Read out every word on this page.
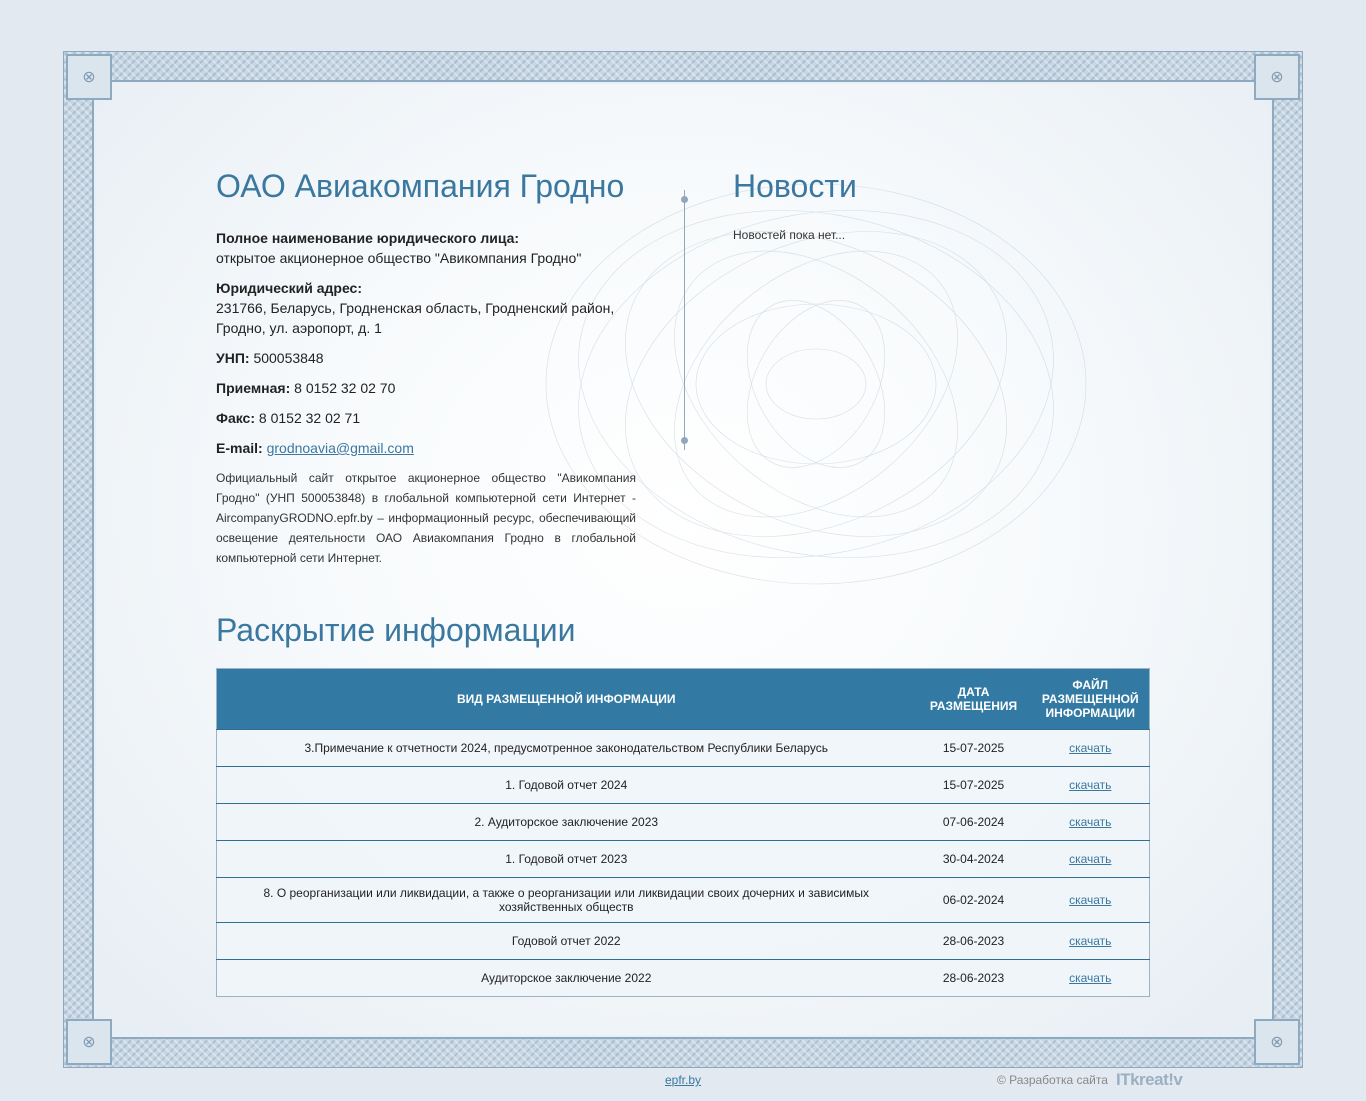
⊗	⊗
⊗	⊗
ОАО Авиакомпания Гродно
Полное наименование юридического лица:
открытое акционерное общество "Авикомпания Гродно"
Юридический адрес:
231766, Беларусь, Гродненская область, Гродненский район, Гродно, ул. аэропорт, д. 1
УНП: 500053848
Приемная: 8 0152 32 02 70
Факс: 8 0152 32 02 71
E-mail: grodnoavia@gmail.com
Официальный сайт открытое акционерное общество "Авикомпания Гродно" (УНП 500053848) в глобальной компьютерной сети Интернет - AircompanyGRODNO.epfr.by – информационный ресурс, обеспечивающий освещение деятельности ОАО Авиакомпания Гродно в глобальной компьютерной сети Интернет.
Новости
Новостей пока нет...
Раскрытие информации
ВИД РАЗМЕЩЕННОЙ ИНФОРМАЦИИ	ДАТА РАЗМЕЩЕНИЯ	ФАЙЛ РАЗМЕЩЕННОЙ ИНФОРМАЦИИ
3.Примечание к отчетности 2024, предусмотренное законодательством Республики Беларусь	15-07-2025	скачать
1. Годовой отчет 2024	15-07-2025	скачать
2. Аудиторское заключение 2023	07-06-2024	скачать
1. Годовой отчет 2023	30-04-2024	скачать
8. О реорганизации или ликвидации, а также о реорганизации или ликвидации своих дочерних и зависимых хозяйственных обществ	06-02-2024	скачать
Годовой отчет 2022	28-06-2023	скачать
Аудиторское заключение 2022	28-06-2023	скачать
epfr.by	© Разработка сайта ITkreat!v
